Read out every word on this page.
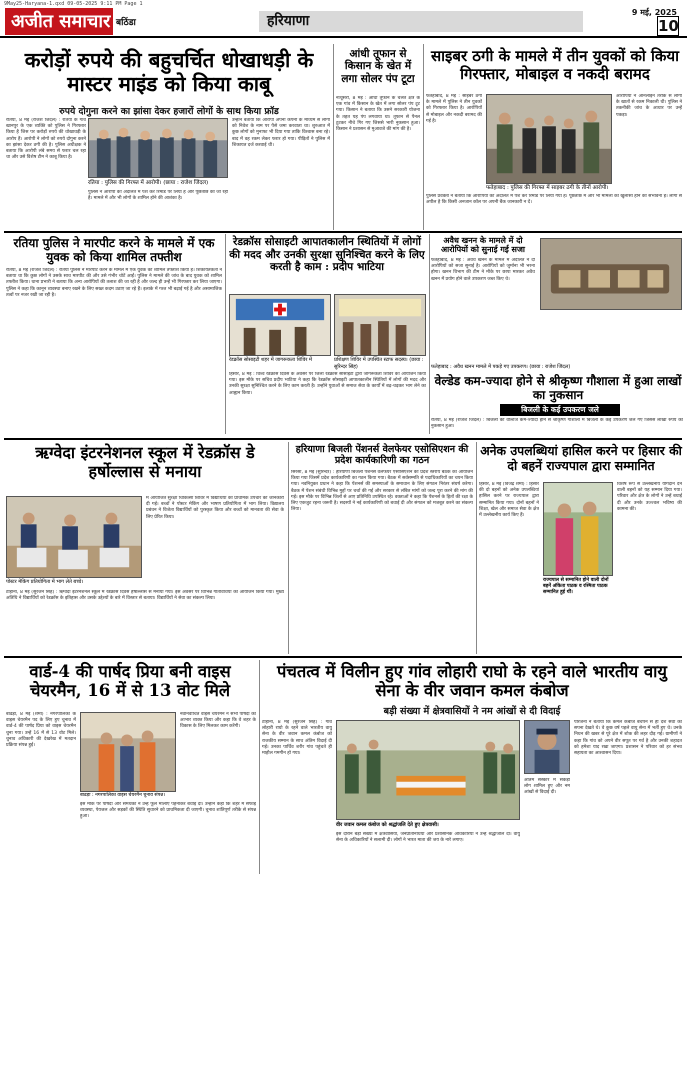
9May25-Haryana-1.qxd 09-05-2025 9:11 PM Page 1
अजीत समाचार बठिंडा	हरियाणा
9 मई, 2025
10
करोड़ों रुपये की बहुचर्चित धोखाधड़ी के मास्टर माइंड को किया काबू
रुपये दोगुना करने का झांसा देकर हजारों लोगों के साथ किया फ्रॉड
रतिया, 8 मई (राजेश जिंदल) : रतिया के गांव खानपुर के एक व्यक्ति को पुलिस ने गिरफ्तार किया है जिस पर करोड़ों रुपये की धोखाधड़ी के आरोप हैं। आरोपी ने लोगों को रुपये दोगुना करने का झांसा देकर ठगी की है। पुलिस अधीक्षक ने बताया कि आरोपी लंबे समय से फरार चल रहा था और उसे विशेष टीम ने काबू किया है।
रतिया : पुलिस की गिरफ्त में आरोपी। (छाया : राजेश जिंदल)
पुलिस ने आरोपी को अदालत में पेश कर रिमांड पर लिया है और पूछताछ की जा रही है। मामले में और भी लोगों के शामिल होने की आशंका है।
उन्होंने बताया कि आरोपी अपनी कंपनी के माध्यम से लोगों को निवेश के नाम पर पैसे जमा करवाता था। शुरुआत में कुछ लोगों को मुनाफा भी दिया गया ताकि विश्वास बना रहे। बाद में वह रकम लेकर फरार हो गया। पीड़ितों ने पुलिस में शिकायत दर्ज करवाई थी।
आंधी तूफान से किसान के खेत में लगा सोलर पंप टूटा
नाथूसरी, 8 मई : आंधी तूफान के चलते क्षेत्र के एक गांव में किसान के खेत में लगा सोलर पंप टूट गया। किसान ने बताया कि उसने सरकारी योजना के तहत यह पंप लगवाया था। तूफान से पैनल टूटकर नीचे गिर गए जिससे भारी नुकसान हुआ। किसान ने प्रशासन से मुआवजे की मांग की है।
साइबर ठगी के मामले में तीन युवकों को किया गिरफ्तार, मोबाइल व नकदी बरामद
फतेहाबाद, 8 मई : साइबर ठगी के मामले में पुलिस ने तीन युवकों को गिरफ्तार किया है। आरोपियों से मोबाइल और नकदी बरामद की गई है।
फतेहाबाद : पुलिस की गिरफ्त में साइबर ठगी के तीनों आरोपी।
आरोपियों ने ऑनलाइन तरीके से लोगों के खातों से रकम निकाली थी। पुलिस ने तकनीकी जांच के आधार पर उन्हें पकड़ा।
पुलिस प्रवक्ता ने बताया कि आरोपियों को अदालत में पेश कर रिमांड पर लिया गया है। पूछताछ में और भी मामलों का खुलासा होने की संभावना है। लोगों से अपील है कि किसी अनजान कॉल पर अपनी बैंक जानकारी न दें।
रतिया पुलिस ने मारपीट करने के मामले में एक युवक को किया शामिल तफ्तीश
रतिया, 8 मई (राजेश जिंदल) : रतिया पुलिस ने मारपीट करने के मामले में एक युवक को शामिल तफ्तीश किया है। शिकायतकर्ता ने बताया था कि कुछ लोगों ने उसके साथ मारपीट की और उसे गंभीर चोटें आईं। पुलिस ने मामले की जांच के बाद युवक को शामिल तफ्तीश किया। थाना प्रभारी ने बताया कि अन्य आरोपियों की तलाश की जा रही है और जल्द ही उन्हें भी गिरफ्तार कर लिया जाएगा। पुलिस ने कहा कि कानून व्यवस्था बनाए रखने के लिए सख्त कदम उठाए जा रहे हैं। इलाके में गश्त भी बढ़ाई गई है और असामाजिक तत्वों पर नजर रखी जा रही है।
रेडक्रॉस सोसाइटी आपातकालीन स्थितियों में लोगों की मदद और उनकी सुरक्षा सुनिश्चित करने के लिए करती है काम : प्रदीप भाटिया
रेडक्रॉस सोसाइटी शहर में जागरूकता शिविर में	प्रशिक्षण शिविर में उपस्थित स्टाफ सदस्य। (छाया : सुरिन्दर सिंह)
हिसार, 8 मई : विश्व रेडक्रॉस दिवस के अवसर पर जिला रेडक्रॉस सोसाइटी द्वारा जागरूकता शिविर का आयोजन किया गया। इस मौके पर सचिव प्रदीप भाटिया ने कहा कि रेडक्रॉस सोसाइटी आपातकालीन स्थितियों में लोगों की मदद और उनकी सुरक्षा सुनिश्चित करने के लिए काम करती है। उन्होंने युवाओं से समाज सेवा के कार्यों में बढ़-चढ़कर भाग लेने का आह्वान किया।
अवैध खनन के मामले में दो आरोपियों को सुनाई गई सजा
फतेहाबाद, 8 मई : अवैध खनन के मामले में अदालत ने दो आरोपियों को सजा सुनाई है। आरोपियों को जुर्माना भी भरना होगा। खनन विभाग की टीम ने मौके पर छापा मारकर अवैध खनन में प्रयोग होने वाले उपकरण जब्त किए थे।
फतेहाबाद : अवैध खनन मामले में पकड़े गए उपकरण। (छाया : राजेश जिंदल)
वेल्डेड कम-ज्यादा होने से श्रीकृष्ण गौशाला में हुआ लाखों का नुकसान
बिजली के कई उपकरण जले
रतिया, 8 मई (राजेश जिंदल) : बिजली की वोल्टेज कम-ज्यादा होने से श्रीकृष्ण गौशाला में बिजली के कई उपकरण जल गए जिससे लाखों रुपये का नुकसान हुआ।
ऋग्वेदा इंटरनेशनल स्कूल में रेडक्रॉस डे हर्षोल्लास से मनाया
पोस्टर मेकिंग प्रतियोगिता में भाग लेते बच्चे।
में आयोजित सुरक्षा चिकित्सा शिविर में विद्यार्थियों को प्राथमिक उपचार की जानकारी दी गई। बच्चों ने पोस्टर मेकिंग और भाषण प्रतियोगिता में भाग लिया। विद्यालय प्रबंधन ने विजेता विद्यार्थियों को पुरस्कृत किया और बच्चों को मानवता की सेवा के लिए प्रेरित किया।
टोहाना, 8 मई (सुरजन सिंह) : ऋग्वेदा इंटरनेशनल स्कूल में रेडक्रॉस दिवस हर्षोल्लास से मनाया गया। इस अवसर पर विभिन्न गतिविधियों का आयोजन किया गया। मुख्य अतिथि ने विद्यार्थियों को रेडक्रॉस के इतिहास और उसके उद्देश्यों के बारे में विस्तार से बताया। विद्यार्थियों ने सेवा का संकल्प लिया।
हरियाणा बिजली पेंशनर्स वेलफेयर एसोसिएशन की प्रदेश कार्यकारिणी का गठन
सिरसा, 8 मई (सुरिन्दर) : हरियाणा बिजली पेंशनर्स वेलफेयर एसोसिएशन की प्रदेश स्तरीय बैठक का आयोजन किया गया जिसमें प्रदेश कार्यकारिणी का गठन किया गया। बैठक में सर्वसम्मति से पदाधिकारियों का चयन किया गया। नवनियुक्त प्रधान ने कहा कि पेंशनर्स की समस्याओं के समाधान के लिए संगठन निरंतर संघर्ष करेगा। बैठक में पेंशन संबंधी विभिन्न मुद्दों पर चर्चा की गई और सरकार से लंबित मांगों को जल्द पूरा करने की मांग की गई। इस मौके पर विभिन्न जिलों से आए प्रतिनिधि उपस्थित रहे। वक्ताओं ने कहा कि पेंशनर्स के हितों की रक्षा के लिए एकजुट रहना जरूरी है। सदस्यों ने नई कार्यकारिणी को बधाई दी और संगठन को मजबूत करने का संकल्प लिया।
अनेक उपलब्धियां हासिल करने पर हिसार की दो बहनें राज्यपाल द्वारा सम्मानित
हिसार, 8 मई (विजेंद्र शर्मा) : हिसार की दो बहनों को अनेक उपलब्धियां हासिल करने पर राज्यपाल द्वारा सम्मानित किया गया। दोनों बहनों ने शिक्षा, खेल और समाज सेवा के क्षेत्र में उल्लेखनीय कार्य किए हैं।
राज्यपाल से सम्मानित होने वाली दोनों बहनें अंकिता पाठक व रश्मिता पाठक सम्मानित हुई थीं।
विशेष रूप से उल्लेखनीय योगदान देने वाली बहनों को यह सम्मान दिया गया। परिवार और क्षेत्र के लोगों ने उन्हें बधाई दी और उनके उज्ज्वल भविष्य की कामना की।
वार्ड-4 की पार्षद प्रिया बनी वाइस चेयरमैन, 16 में से 13 वोट मिले
बाढड़ा, 8 मई (शर्मा) : नगरपालिका के वाइस चेयरमैन पद के लिए हुए चुनाव में वार्ड-4 की पार्षद प्रिया को वाइस चेयरमैन चुना गया। उन्हें 16 में से 13 वोट मिले। चुनाव अधिकारी की देखरेख में मतदान प्रक्रिया संपन्न हुई।
बाढड़ा : नगरपालिका वाइस चेयरमैन चुनाव संपन्न।
नवनिर्वाचित वाइस चेयरमैन ने सभी पार्षदों का आभार व्यक्त किया और कहा कि वे शहर के विकास के लिए मिलकर काम करेंगी।
इस मौके पर पार्षदों और समर्थकों ने उन्हें फूल मालाएं पहनाकर बधाई दी। उन्होंने कहा कि शहर में सफाई व्यवस्था, पेयजल और सड़कों की स्थिति सुधारने को प्राथमिकता दी जाएगी। चुनाव शांतिपूर्ण तरीके से संपन्न हुआ।
पंचतत्व में विलीन हुए गांव लोहारी राघो के रहने वाले भारतीय वायु सेना के वीर जवान कमल कंबोज
बड़ी संख्या में क्षेत्रवासियों ने नम आंखों से दी विदाई
टोहाना, 8 मई (सुरजन सिंह) : गांव लोहारी राघो के रहने वाले भारतीय वायु सेना के वीर जवान कमल कंबोज को राजकीय सम्मान के साथ अंतिम विदाई दी गई। उनका पार्थिव शरीर गांव पहुंचते ही माहौल गमगीन हो गया।
वीर जवान कमल कंबोज को श्रद्धांजलि देते हुए क्षेत्रवासी।
इस दौरान बड़ी संख्या में क्षेत्रवासियों, जनप्रतिनिधियों और प्रशासनिक अधिकारियों ने उन्हें श्रद्धांजलि दी। वायु सेना के अधिकारियों ने सलामी दी। लोगों ने भारत माता की जय के नारे लगाए।
परिजनों ने बताया कि कमल कंबोज बचपन से ही देश सेवा का सपना देखते थे। वे कुछ वर्ष पहले वायु सेना में भर्ती हुए थे। उनके निधन की खबर से पूरे क्षेत्र में शोक की लहर दौड़ गई। ग्रामीणों ने कहा कि गांव को अपने वीर सपूत पर गर्व है और उनकी शहादत को हमेशा याद रखा जाएगा। प्रशासन ने परिवार को हर संभव सहायता का आश्वासन दिया।
अंतिम संस्कार में सैकड़ों लोग शामिल हुए और नम आंखों से विदाई दी।
